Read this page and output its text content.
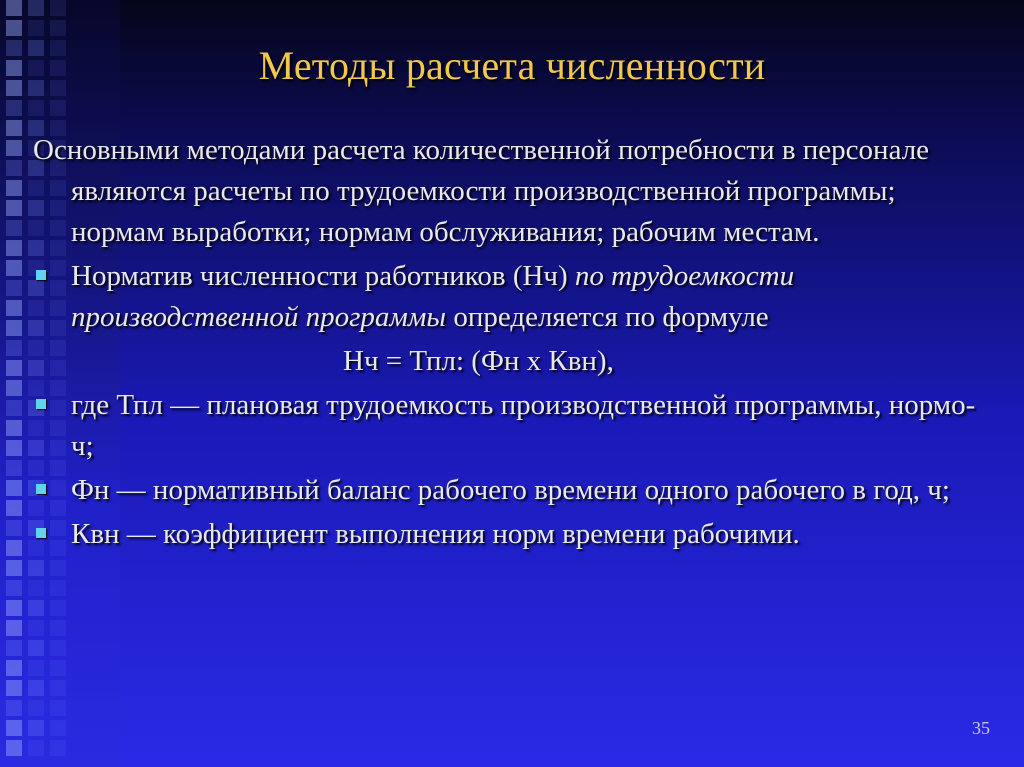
Методы расчета численности

Основными методами расчета количественной потребности в персонале являются расчеты по трудоемкости производственной программы; нормам выработки; нормам обслуживания; рабочим местам.

Норматив численности работников (Нч) по трудоемкости производственной программы определяется по формуле

Нч = Тпл: (Фн х Квн),

где Тпл — плановая трудоемкость производственной программы, нормо-ч;

Фн — нормативный баланс рабочего времени одного рабочего в год, ч;

Квн — коэффициент выполнения норм времени рабочими.

35
